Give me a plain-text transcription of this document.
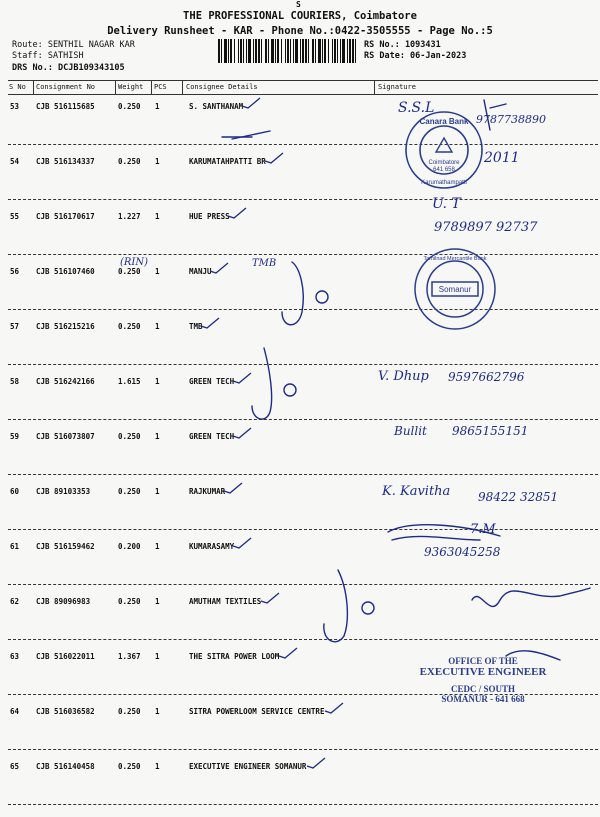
S
THE PROFESSIONAL COURIERS, Coimbatore
Delivery Runsheet - KAR - Phone No.:0422-3505555 - Page No.:5
Route: SENTHIL NAGAR KAR
Staff: SATHISH
DRS No.: DCJB109343105
RS No.: 1093431
RS Date: 06-Jan-2023
S No Consignment No	Weight PCS	Consignee Details	Signature
53 CJB 516115685	0.250 1	S. SANTHANAM
54 CJB 516134337	0.250 1	KARUMATAHPATTI BR
55 CJB 516170617	1.227 1	HUE PRESS
56 CJB 516107460	0.250 1	MANJU
57 CJB 516215216	0.250 1	TMB
58 CJB 516242166	1.615 1	GREEN TECH
59 CJB 516073807	0.250 1	GREEN TECH
60 CJB 89103353	0.250 1	RAJKUMAR
61 CJB 516159462	0.200 1	KUMARASAMY
62 CJB 89096983	0.250 1	AMUTHAM TEXTILES
63 CJB 516022011	1.367 1	THE SITRA POWER LOOM
64 CJB 516036582	0.250 1	SITRA POWERLOOM SERVICE CENTRE
65 CJB 516140458	0.250 1	EXECUTIVE ENGINEER SOMANUR
S.S.L
9787738890
2011
U. T
9789897 92737
(RIN)	TMB
V. Dhup 9597662796
Bullit 9865155151
K. Kavitha 98422 32851
7.M
9363045258
Canara Bank
Coimbatore
641 658
Karumathampatti
Tamilnad Mercantile Bank
Somanur
OFFICE OF THE
EXECUTIVE ENGINEER
CEDC / SOUTH
SOMANUR - 641 668
